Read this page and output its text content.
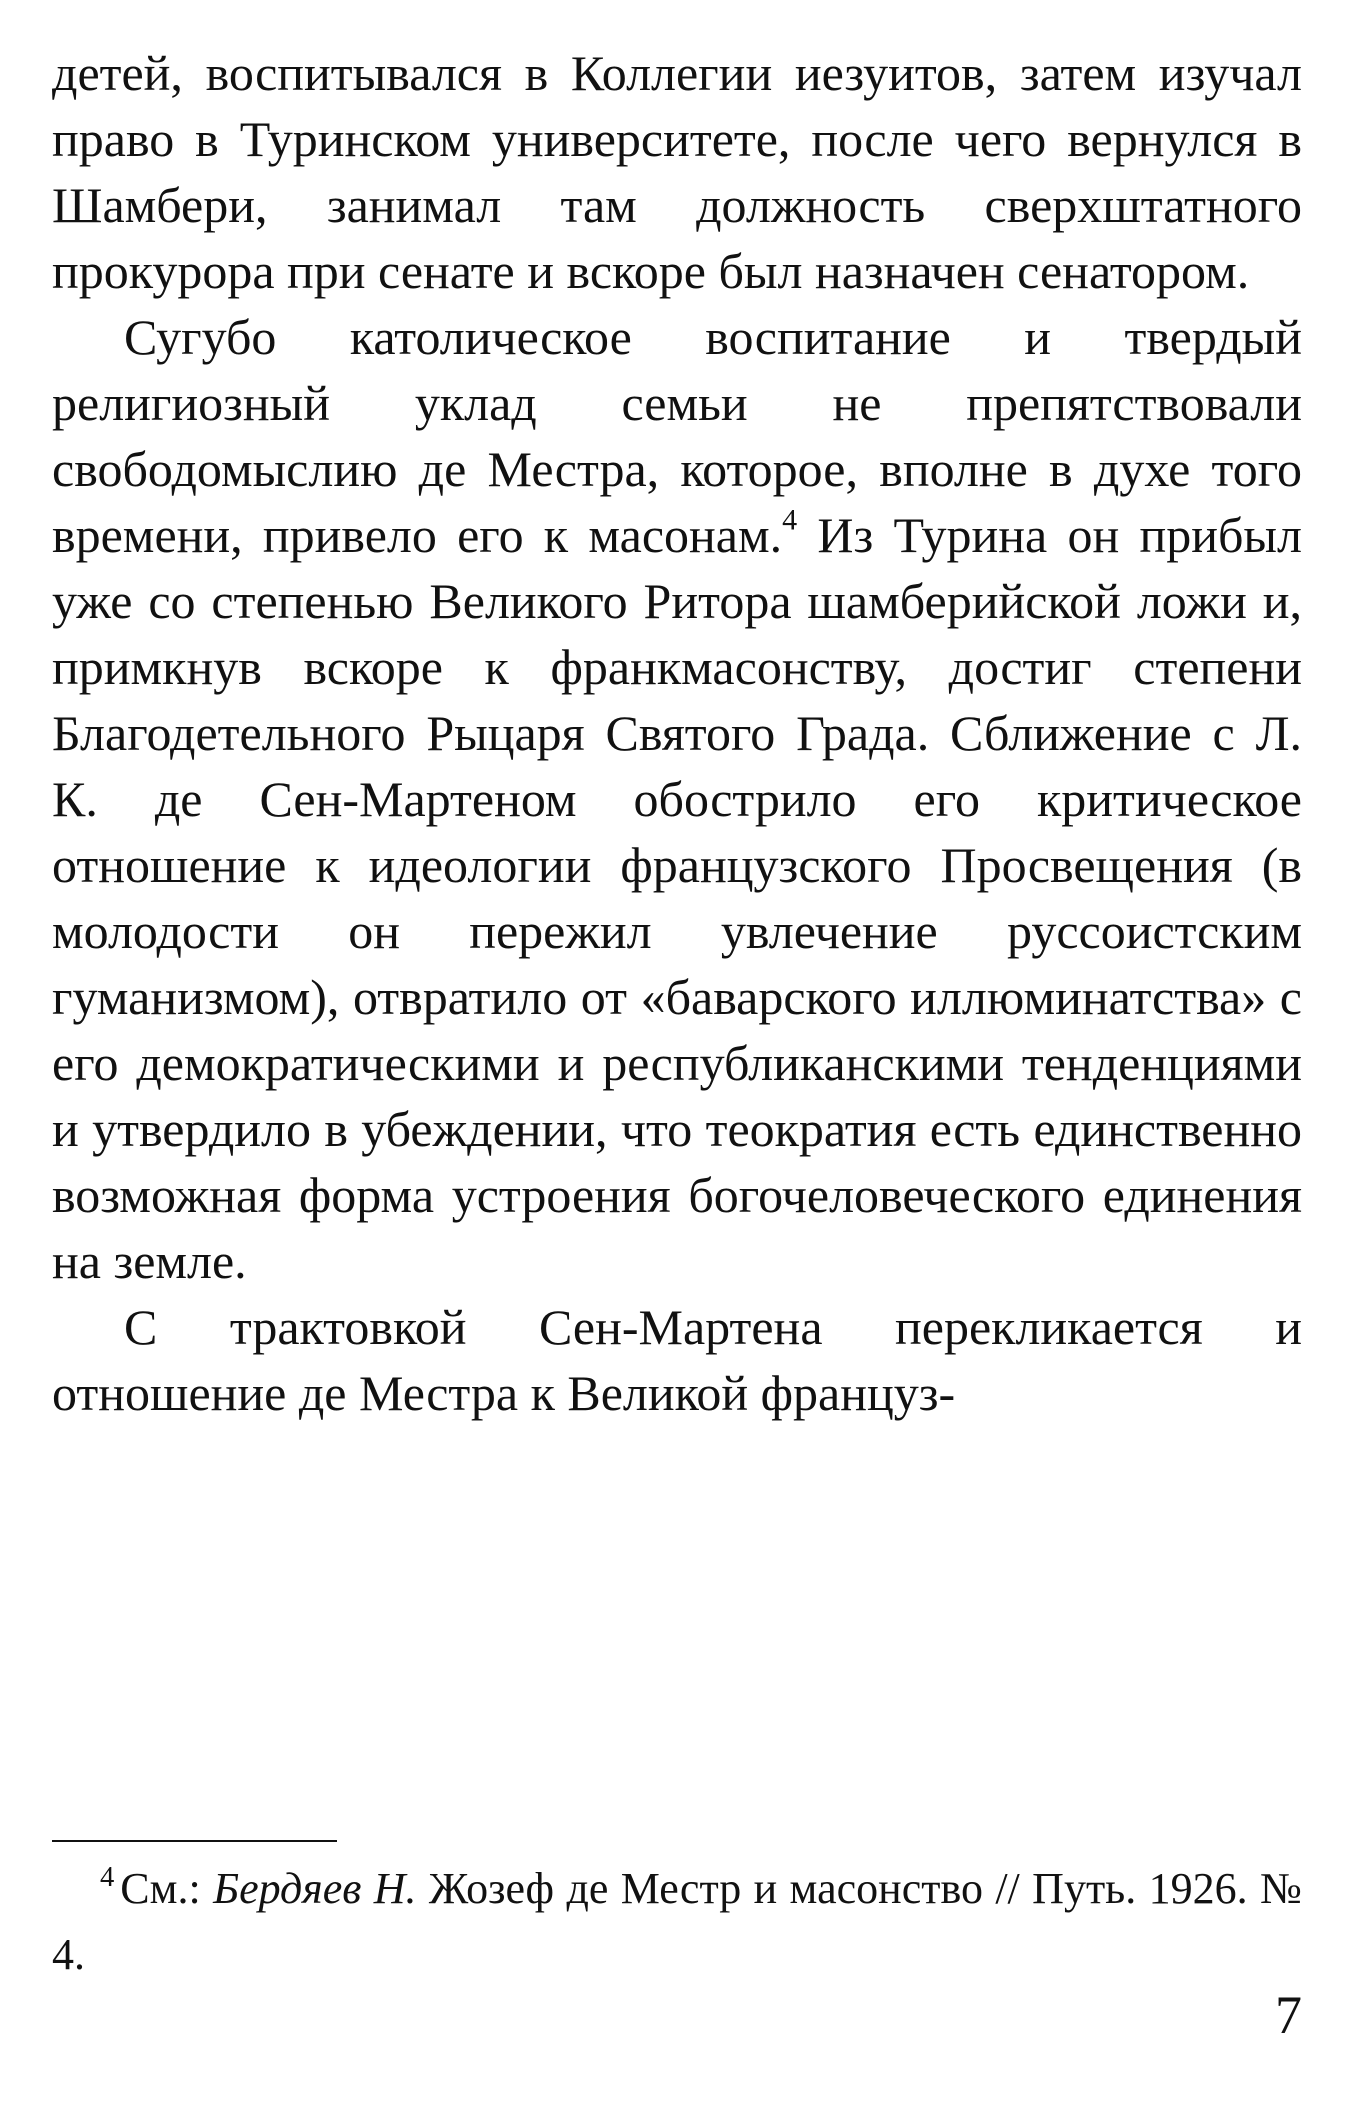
детей, воспитывался в Коллегии иезуитов, затем изучал право в Туринском университете, после чего вернулся в Шамбери, занимал там должность сверхштатного прокурора при сенате и вскоре был назначен сенатором.

Сугубо католическое воспитание и твердый религиозный уклад семьи не препятствовали свободомыслию де Местра, которое, вполне в духе того времени, привело его к масонам.$^4$ Из Турина он прибыл уже со степенью Великого Ритора шамберийской ложи и, примкнув вскоре к франкмасонству, достиг степени Благодетельного Рыцаря Святого Града. Сближение с Л. К. де Сен-Мартеном обострило его критическое отношение к идеологии французского Просвещения (в молодости он пережил увлечение руссоистским гуманизмом), отвратило от «баварского иллюминатства» с его демократическими и республиканскими тенденциями и утвердило в убеждении, что теократия есть единственно возможная форма устроения богочеловеческого единения на земле.

С трактовкой Сен-Мартена перекликается и отношение де Местра к Великой француз-

$^4$ См.: Бердяев Н. Жозеф де Местр и масонство // Путь. 1926. № 4.

7
